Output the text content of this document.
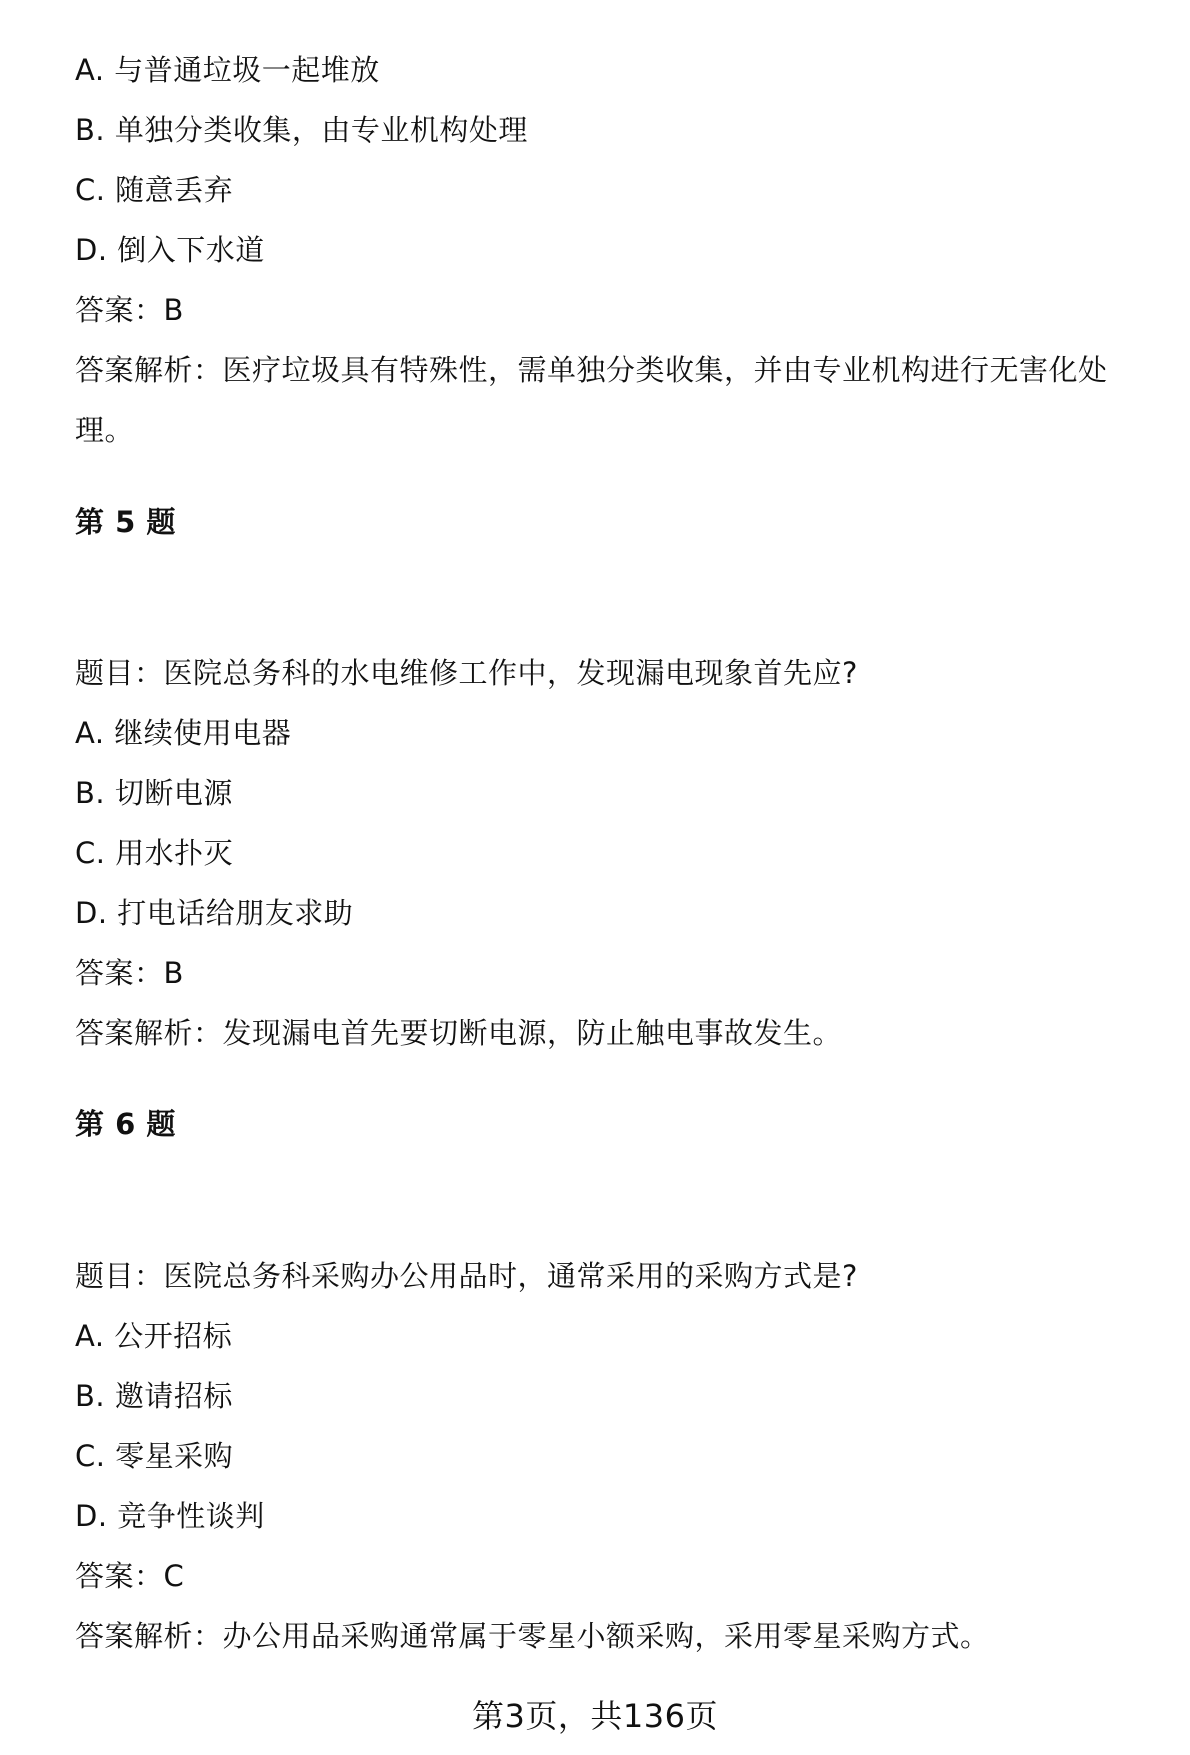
A. 与普通垃圾一起堆放
B. 单独分类收集，由专业机构处理
C. 随意丢弃
D. 倒入下水道
答案：B
答案解析：医疗垃圾具有特殊性，需单独分类收集，并由专业机构进行无害化处
理。
第 5 题
题目：医院总务科的水电维修工作中，发现漏电现象首先应?
A. 继续使用电器
B. 切断电源
C. 用水扑灭
D. 打电话给朋友求助
答案：B
答案解析：发现漏电首先要切断电源，防止触电事故发生。
第 6 题
题目：医院总务科采购办公用品时，通常采用的采购方式是?
A. 公开招标
B. 邀请招标
C. 零星采购
D. 竞争性谈判
答案：C
答案解析：办公用品采购通常属于零星小额采购，采用零星采购方式。
第3页，共136页
